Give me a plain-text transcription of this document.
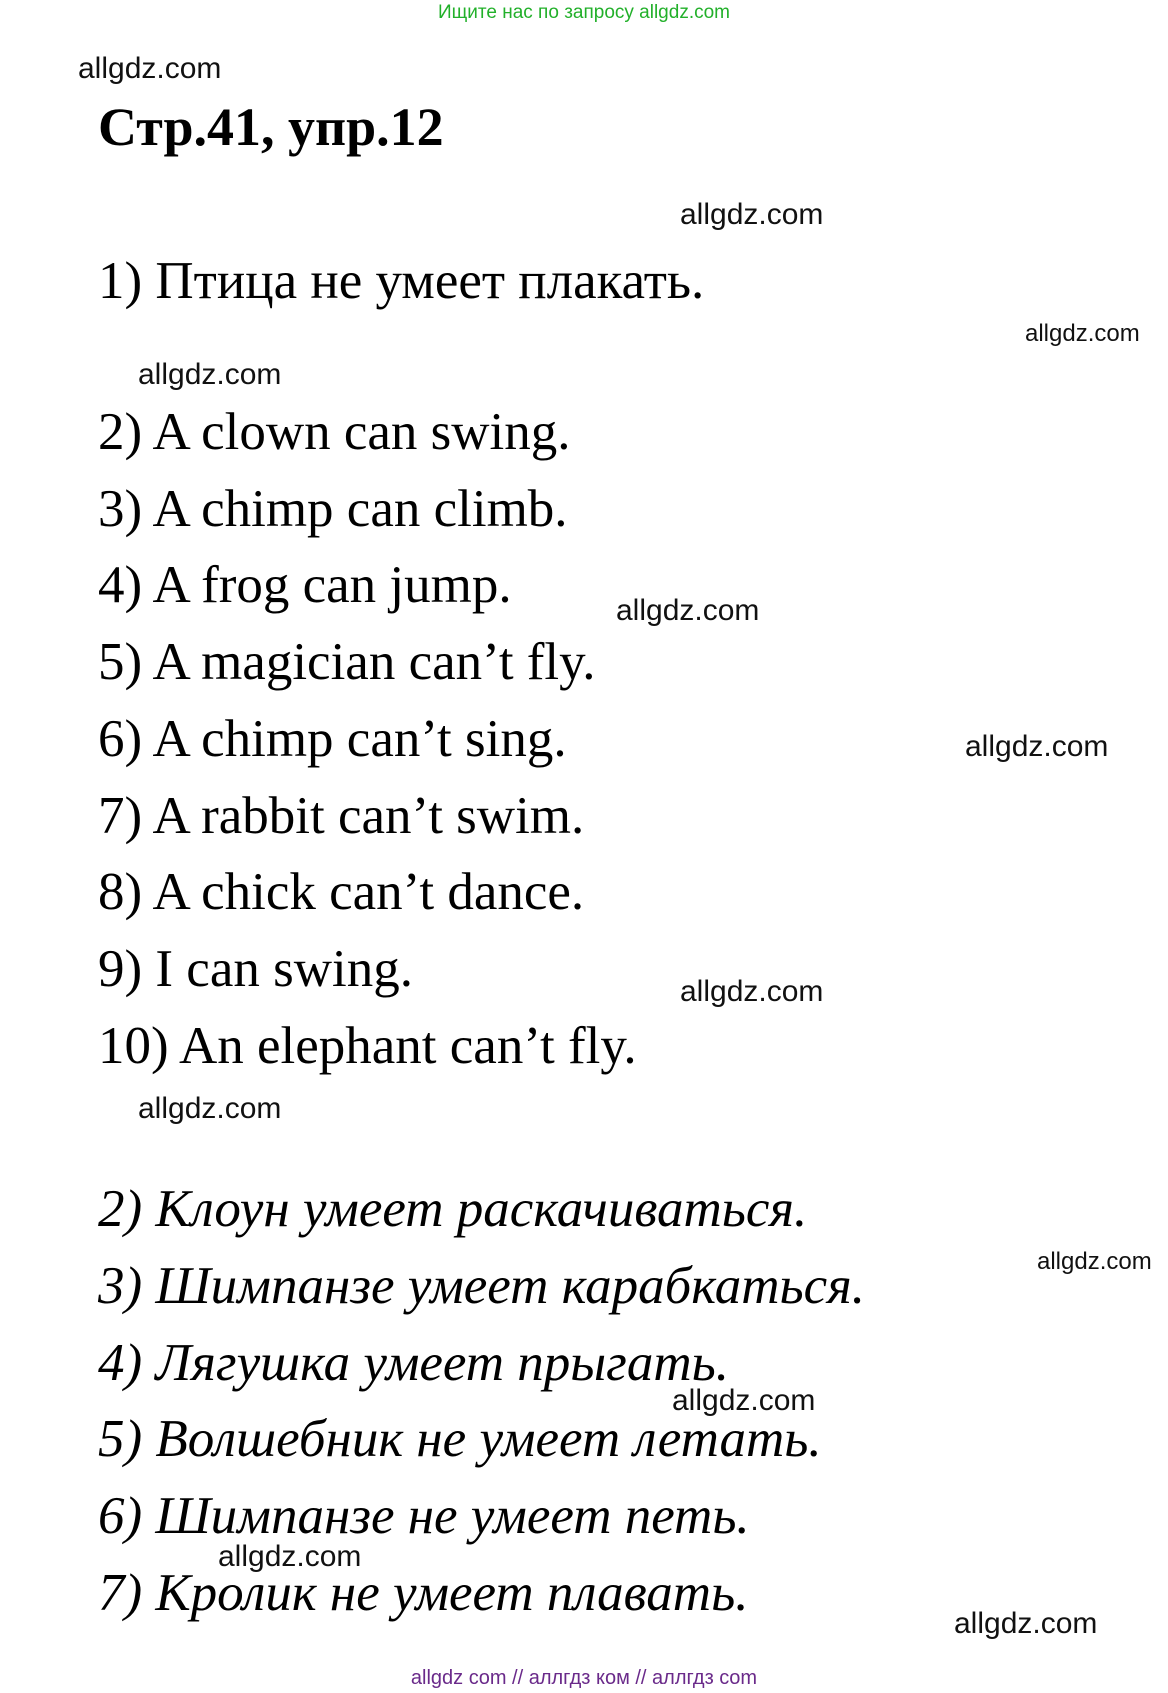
Ищите нас по запросу allgdz.com
allgdz.com
Стр.41, упр.12
allgdz.com
1) Птица не умеет плакать.
allgdz.com
allgdz.com
2) A clown can swing.
3) A chimp can climb.
4) A frog can jump.	allgdz.com
5) A magician can’t fly.
6) A chimp can’t sing.	allgdz.com
7) A rabbit can’t swim.
8) A chick can’t dance.
9) I can swing.	allgdz.com
10) An elephant can’t fly.
allgdz.com
2) Клоун умеет раскачиваться.
allgdz.com
3) Шимпанзе умеет карабкаться.
4) Лягушка умеет прыгать.
allgdz.com
5) Волшебник не умеет летать.
6) Шимпанзе не умеет петь.
allgdz.com
7) Кролик не умеет плавать.
allgdz.com
allgdz com // аллгдз ком // аллгдз com
